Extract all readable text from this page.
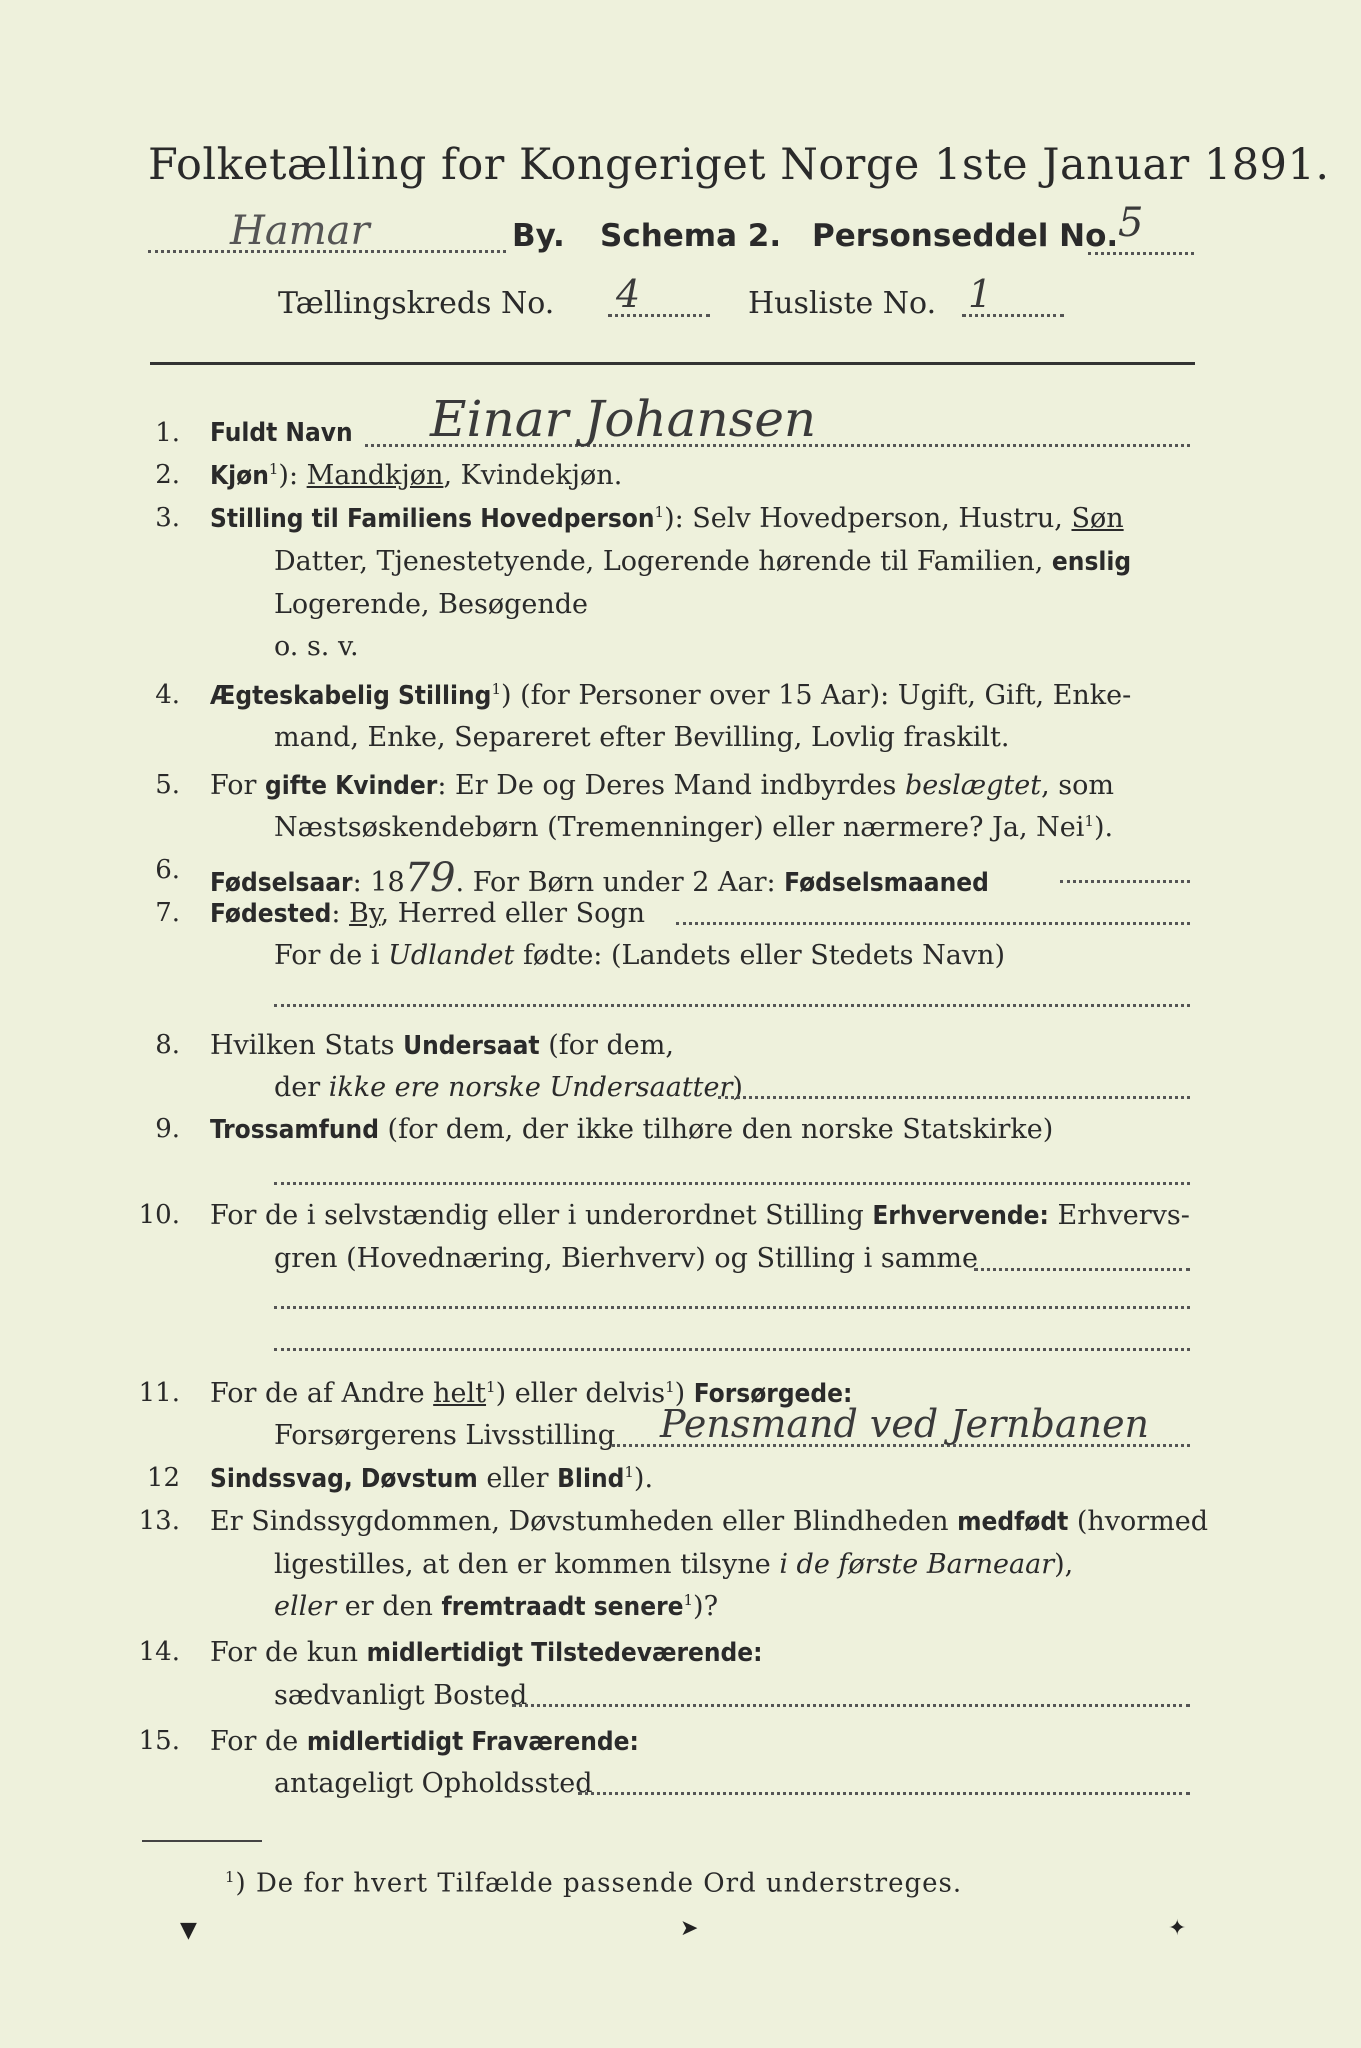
Folketælling for Kongeriget Norge 1ste Januar 1891.
Hamar	By. Schema 2. Personseddel No. 5
Tællingskreds No. 4	Husliste No. 1
1. Fuldt Navn Einar Johansen
2. Kjøn$^1$): Mandkjøn, Kvindekjøn.
3. Stilling til Familiens Hovedperson$^1$): Selv Hovedperson, Hustru, Søn
Datter, Tjenestetyende, Logerende hørende til Familien, enslig
Logerende, Besøgende
o. s. v.
4. Ægteskabelig Stilling$^1$) (for Personer over 15 Aar): Ugift, Gift, Enke-
mand, Enke, Separeret efter Bevilling, Lovlig fraskilt.
5. For gifte Kvinder: Er De og Deres Mand indbyrdes beslægtet, som
Næstsøskendebørn (Tremenninger) eller nærmere? Ja, Nei$^1$).
6. Fødselsaar: 1879. For Børn under 2 Aar: Fødselsmaaned
7. Fødested: By, Herred eller Sogn
For de i Udlandet fødte: (Landets eller Stedets Navn)
8. Hvilken Stats Undersaat (for dem,
der ikke ere norske Undersaatter)
9. Trossamfund (for dem, der ikke tilhøre den norske Statskirke)
10. For de i selvstændig eller i underordnet Stilling Erhvervende: Erhvervs-
gren (Hovednæring, Bierhverv) og Stilling i samme
11. For de af Andre helt$^1$) eller delvis$^1$) Forsørgede:
Forsørgerens Livsstilling Pensmand ved Jernbanen
12 Sindssvag, Døvstum eller Blind$^1$).
13. Er Sindssygdommen, Døvstumheden eller Blindheden medfødt (hvormed
ligestilles, at den er kommen tilsyne i de første Barneaar),
eller er den fremtraadt senere$^1$)?
14. For de kun midlertidigt Tilstedeværende:
sædvanligt Bosted
15. For de midlertidigt Fraværende:
antageligt Opholdssted
$^1$) De for hvert Tilfælde passende Ord understreges.
▼	➤	✦
